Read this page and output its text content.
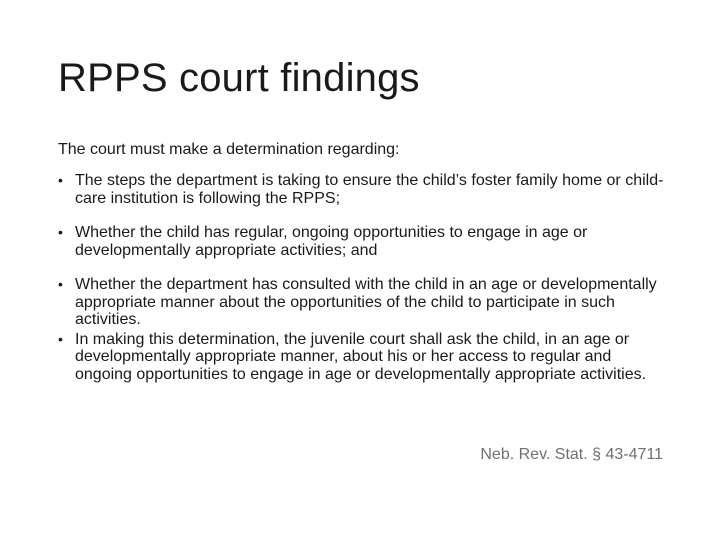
RPPS court findings
The court must make a determination regarding:
• The steps the department is taking to ensure the child’s foster family home or child-care institution is following the RPPS;
• Whether the child has regular, ongoing opportunities to engage in age or developmentally appropriate activities; and
• Whether the department has consulted with the child in an age or developmentally appropriate manner about the opportunities of the child to participate in such activities.
• In making this determination, the juvenile court shall ask the child, in an age or developmentally appropriate manner, about his or her access to regular and ongoing opportunities to engage in age or developmentally appropriate activities.
Neb. Rev. Stat. § 43-4711
